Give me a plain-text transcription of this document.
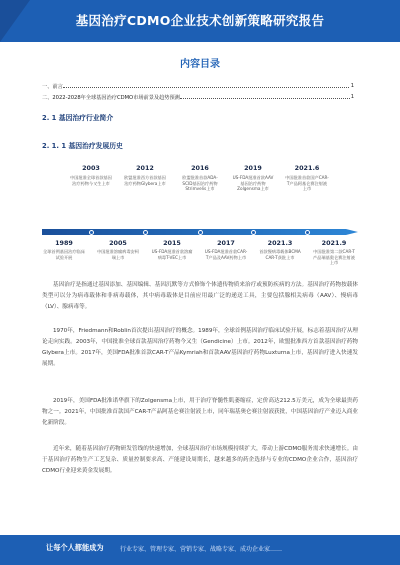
基因治疗CDMO企业技术创新策略研究报告
内容目录
一、前言	1
二、2022-2028年全球基因治疗CDMO市场前景及趋势预测	1
2. 1 基因治疗行业简介
2. 1. 1 基因治疗发展历史
2003	2012	2016	2019	2021.6
中国批准全球首款基因治疗药物今又生上市
欧盟批准西方首款基因治疗药物Glybera上市
欧盟批准首款ADA-SCID基因治疗药物Strimvelis上市
US-FDA批准首款AAV基因治疗药物Zolgensma上市
中国批准首款国产CAR-T产品阿基仑赛注射液上市
1989	2005	2015	2017	2021.3	2021.9
全球首例基因治疗临床试验开展
中国批准溶瘤病毒安柯瑞上市
US-FDA批准首款溶瘤病毒T-VEC上市
US-FDA批准首款CAR-T产品及AAV药物上市
首款慢病毒载体BCMA CAR-T获批上市
中国批准第二款CAR-T产品瑞基奥仑赛注射液上市
基因治疗是指通过基因添加、基因编辑、基因沉默等方式修饰个体遗传物质来治疗或预防疾病的方法。基因治疗药物按载体类型可以分为病毒载体和非病毒载体，其中病毒载体是目前应用最广泛的递送工具，主要包括腺相关病毒（AAV）、慢病毒（LV）、腺病毒等。
1970年，Friedmann和Roblin首次提出基因治疗的概念。1989年，全球首例基因治疗临床试验开展，标志着基因治疗从理论走向实践。2003年，中国批准全球首款基因治疗药物今又生（Gendicine）上市。2012年，欧盟批准西方首款基因治疗药物Glybera上市。2017年，美国FDA批准首款CAR-T产品Kymriah和首款AAV基因治疗药物Luxturna上市，基因治疗进入快速发展期。
2019年，美国FDA批准诺华旗下的Zolgensma上市，用于治疗脊髓性肌萎缩症，定价高达212.5万美元，成为全球最贵药物之一。2021年，中国批准首款国产CAR-T产品阿基仑赛注射液上市，同年瑞基奥仑赛注射液获批，中国基因治疗产业迈入商业化新阶段。
近年来，随着基因治疗药物研发管线的快速增加，全球基因治疗市场规模持续扩大，带动上游CDMO服务需求快速增长。由于基因治疗药物生产工艺复杂、质量控制要求高、产能建设周期长，越来越多的药企选择与专业的CDMO企业合作，基因治疗CDMO行业迎来黄金发展期。
让每个人都能成为	行业专家、管理专家、营销专家、战略专家、成功企业家……
